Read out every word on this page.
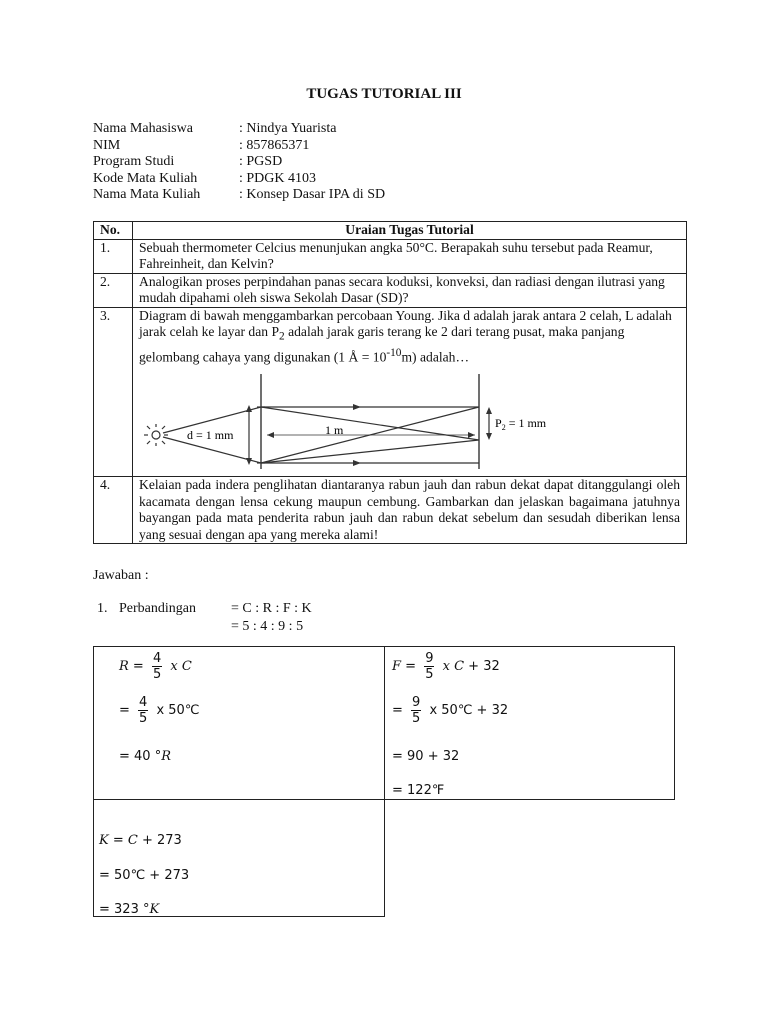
TUGAS TUTORIAL III
Nama Mahasiswa	: Nindya Yuarista
NIM	: 857865371
Program Studi	: PGSD
Kode Mata Kuliah	: PDGK 4103
Nama Mata Kuliah	: Konsep Dasar IPA di SD
No.	Uraian Tugas Tutorial
1.	Sebuah thermometer Celcius menunjukan angka 50°C. Berapakah suhu tersebut pada Reamur, Fahreinheit, dan Kelvin?
2.	Analogikan proses perpindahan panas secara koduksi, konveksi, dan radiasi dengan ilutrasi yang mudah dipahami oleh siswa Sekolah Dasar (SD)?
3.	Diagram di bawah menggambarkan percobaan Young. Jika d adalah jarak antara 2 celah, L adalah jarak celah ke layar dan $P_2$ adalah jarak garis terang ke 2 dari terang pusat, maka panjang gelombang cahaya yang digunakan (1 Å = $10^{-10}m$) adalah…
d = 1 mm 1 m $P_2 = 1$ mm

4.	Kelaian pada indera penglihatan diantaranya rabun jauh dan rabun dekat dapat ditanggulangi oleh kacamata dengan lensa cekung maupun cembung. Gambarkan dan jelaskan bagaimana jatuhnya bayangan pada mata penderita rabun jauh dan rabun dekat sebelum dan sesudah diberikan lensa yang sesuai dengan apa yang mereka alami!
Jawaban :
1. Perbandingan	= C : R : F : K
= 5 : 4 : 9 : 5
$R = \frac{4}{5}$ x C
= $\frac{4}{5}$ x 50℃
= 40 °R
$F = \frac{9}{5}$ x C + 32
= $\frac{9}{5}$ x 50℃ + 32
= 90 + 32
= 122℉
K = C + 273
= 50℃ + 273
= 323 °K
